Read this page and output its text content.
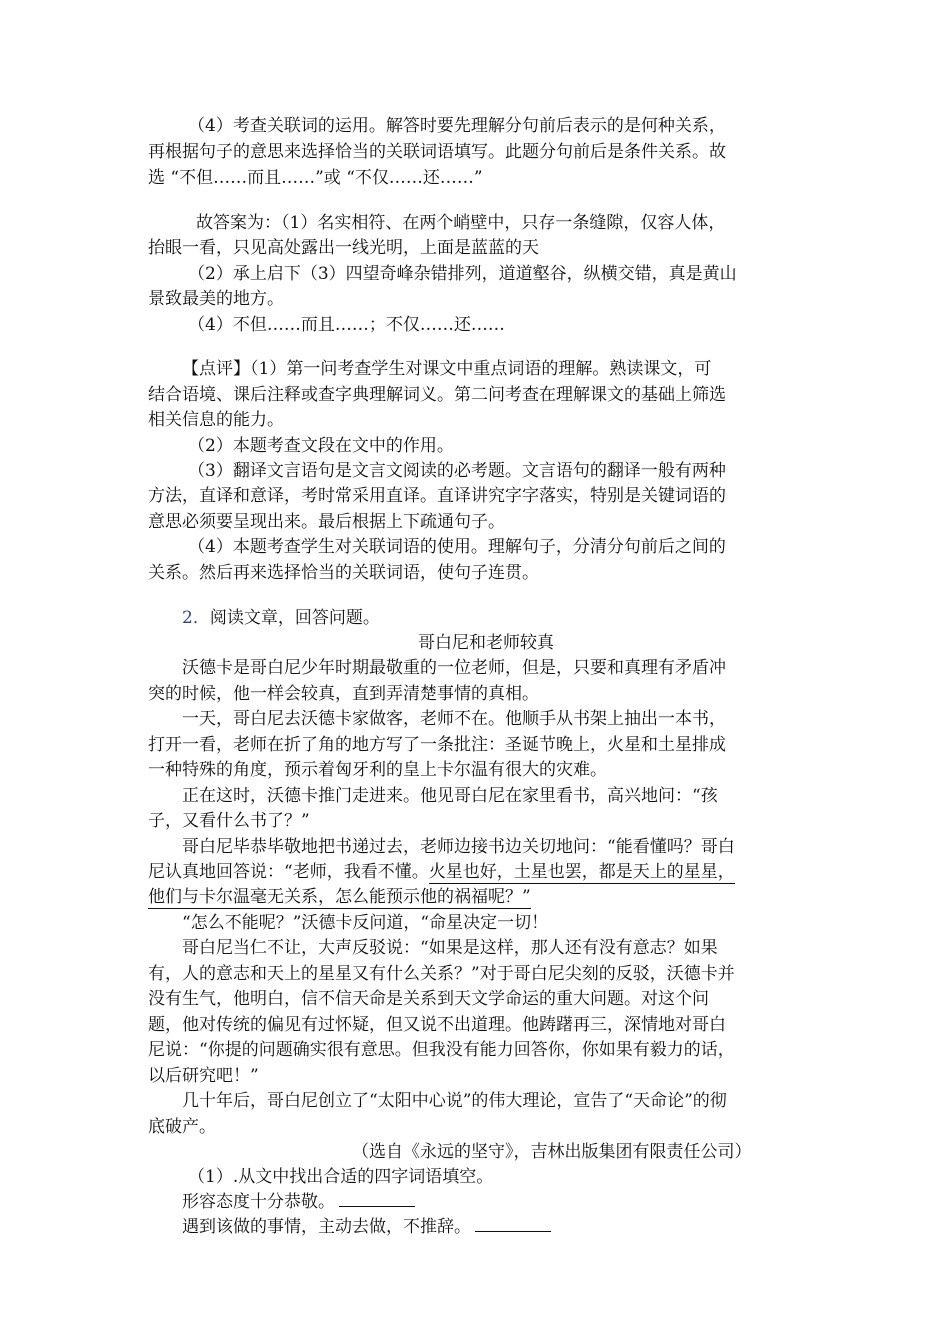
（4）考查关联词的运用。解答时要先理解分句前后表示的是何种关系，
再根据句子的意思来选择恰当的关联词语填写。此题分句前后是条件关系。故
选 “不但……而且……”或 “不仅……还……”
故答案为：（1）名实相符、在两个峭壁中，只存一条缝隙，仅容人体，
抬眼一看，只见高处露出一线光明，上面是蓝蓝的天
（2）承上启下（3）四望奇峰杂错排列，道道壑谷，纵横交错，真是黄山
景致最美的地方。
（4）不但……而且……；不仅……还……
【点评】（1）第一问考查学生对课文中重点词语的理解。熟读课文，可
结合语境、课后注释或查字典理解词义。第二问考查在理解课文的基础上筛选
相关信息的能力。
（2）本题考查文段在文中的作用。
（3）翻译文言语句是文言文阅读的必考题。文言语句的翻译一般有两种
方法，直译和意译，考时常采用直译。直译讲究字字落实，特别是关键词语的
意思必须要呈现出来。最后根据上下疏通句子。
（4）本题考查学生对关联词语的使用。理解句子，分清分句前后之间的
关系。然后再来选择恰当的关联词语，使句子连贯。
2．阅读文章，回答问题。
哥白尼和老师较真
沃德卡是哥白尼少年时期最敬重的一位老师，但是，只要和真理有矛盾冲
突的时候，他一样会较真，直到弄清楚事情的真相。
一天，哥白尼去沃德卡家做客，老师不在。他顺手从书架上抽出一本书，
打开一看，老师在折了角的地方写了一条批注：圣诞节晚上，火星和土星排成
一种特殊的角度，预示着匈牙利的皇上卡尔温有很大的灾难。
正在这时，沃德卡推门走进来。他见哥白尼在家里看书，高兴地问：“孩
子，又看什么书了？”
哥白尼毕恭毕敬地把书递过去，老师边接书边关切地问：“能看懂吗？哥白
尼认真地回答说：“老师，我看不懂。火星也好，土星也罢，都是天上的星星，
他们与卡尔温毫无关系，怎么能预示他的祸福呢？”
“怎么不能呢？”沃德卡反问道，“命星决定一切！
哥白尼当仁不让，大声反驳说：“如果是这样，那人还有没有意志？如果
有，人的意志和天上的星星又有什么关系？”对于哥白尼尖刻的反驳，沃德卡并
没有生气，他明白，信不信天命是关系到天文学命运的重大问题。对这个问
题，他对传统的偏见有过怀疑，但又说不出道理。他踌躇再三，深情地对哥白
尼说：“你提的问题确实很有意思。但我没有能力回答你，你如果有毅力的话，
以后研究吧！”
几十年后，哥白尼创立了“太阳中心说”的伟大理论，宣告了“天命论”的彻
底破产。
（选自《永远的坚守》，吉林出版集团有限责任公司）
（1）.从文中找出合适的四字词语填空。
形容态度十分恭敬。
遇到该做的事情，主动去做，不推辞。
